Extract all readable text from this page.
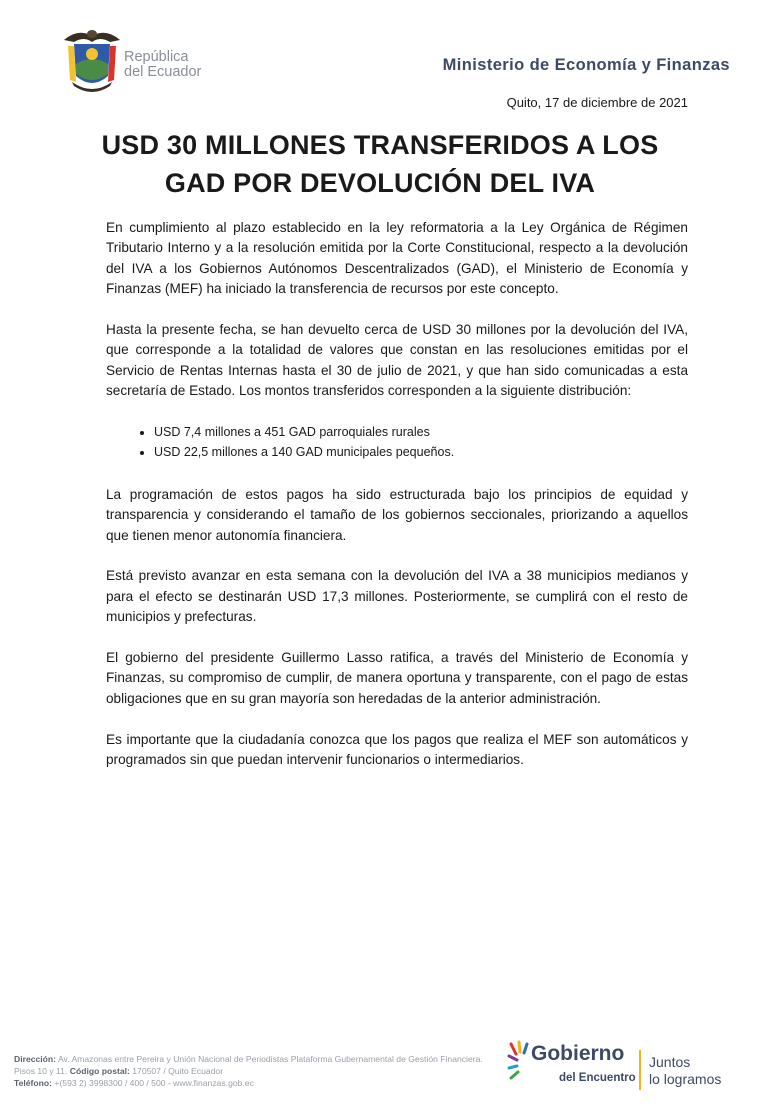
República
del Ecuador	Ministerio de Economía y Finanzas
Quito, 17 de diciembre de 2021
USD 30 MILLONES TRANSFERIDOS A LOS
GAD POR DEVOLUCIÓN DEL IVA

En cumplimiento al plazo establecido en la ley reformatoria a la Ley Orgánica de Régimen Tributario Interno y a la resolución emitida por la Corte Constitucional, respecto a la devolución del IVA a los Gobiernos Autónomos Descentralizados (GAD), el Ministerio de Economía y Finanzas (MEF) ha iniciado la transferencia de recursos por este concepto.

Hasta la presente fecha, se han devuelto cerca de USD 30 millones por la devolución del IVA, que corresponde a la totalidad de valores que constan en las resoluciones emitidas por el Servicio de Rentas Internas hasta el 30 de julio de 2021, y que han sido comunicadas a esta secretaría de Estado. Los montos transferidos corresponden a la siguiente distribución:

• USD 7,4 millones a 451 GAD parroquiales rurales
• USD 22,5 millones a 140 GAD municipales pequeños.

La programación de estos pagos ha sido estructurada bajo los principios de equidad y transparencia y considerando el tamaño de los gobiernos seccionales, priorizando a aquellos que tienen menor autonomía financiera.

Está previsto avanzar en esta semana con la devolución del IVA a 38 municipios medianos y para el efecto se destinarán USD 17,3 millones. Posteriormente, se cumplirá con el resto de municipios y prefecturas.

El gobierno del presidente Guillermo Lasso ratifica, a través del Ministerio de Economía y Finanzas, su compromiso de cumplir, de manera oportuna y transparente, con el pago de estas obligaciones que en su gran mayoría son heredadas de la anterior administración.

Es importante que la ciudadanía conozca que los pagos que realiza el MEF son automáticos y programados sin que puedan intervenir funcionarios o intermediarios.

Dirección: Av. Amazonas entre Pereira y Unión Nacional de Periodistas Plataforma Gubernamental de Gestión Financiera. Pisos 10 y 11. Código postal: 170507 / Quito Ecuador
Teléfono: +(593 2) 3998300 / 400 / 500 - www.finanzas.gob.ec
Gobierno
del Encuentro
Juntos
lo logramos
